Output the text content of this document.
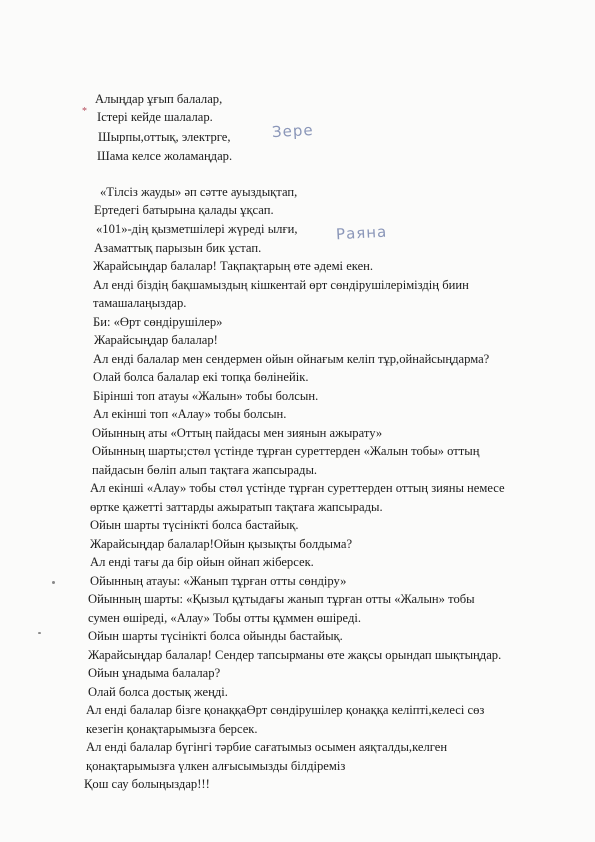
Алыңдар ұғып балалар,
Істері кейде шалалар.
Шырпы,оттық, электрге,
Шама келсе жоламаңдар.
«Тілсіз жауды» әп сәтте ауыздықтап,
Ертедегі батырына қалады ұқсап.
«101»-дің қызметшілері жүреді ылғи,
Азаматтық парызын бик ұстап.
Жарайсыңдар балалар! Тақпақтарың өте әдемі екен.
Ал енді біздің бақшамыздың кішкентай өрт сөндірушілеріміздің биин
тамашалаңыздар.
Би: «Өрт сөндірушілер»
Жарайсыңдар балалар!
Ал енді балалар мен сендермен ойын ойнағым келіп тұр,ойнайсыңдарма?
Олай болса балалар екі топқа бөлінейік.
Бірінші топ атауы «Жалын» тобы болсын.
Ал екінші топ «Алау» тобы болсын.
Ойынның аты «Оттың пайдасы мен зиянын ажырату»
Ойынның шарты;стөл үстінде тұрған суреттерден «Жалын тобы» оттың
пайдасын бөліп алып тақтаға жапсырады.
Ал екінші «Алау» тобы стөл үстінде тұрған суреттерден оттың зияны немесе
өртке қажетті заттарды ажыратып тақтаға жапсырады.
Ойын шарты түсінікті болса бастайық.
Жарайсыңдар балалар!Ойын қызықты болдыма?
Ал енді тағы да бір ойын ойнап жіберсек.
Ойынның атауы: «Жанып тұрған отты сөндіру»
Ойынның шарты: «Қызыл құтыдағы жанып тұрған отты «Жалын» тобы
сумен өшіреді, «Алау» Тобы отты құммен өшіреді.
Ойын шарты түсінікті болса ойынды бастайық.
Жарайсыңдар балалар! Сендер тапсырманы өте жақсы орындап шықтыңдар.
Ойын ұнадыма балалар?
Олай болса достық жеңді.
Ал енді балалар бізге қонаққаӨрт сөндірушілер қонаққа келіпті,келесі сөз
кезегін қонақтарымызға берсек.
Ал енді балалар бүгінгі тәрбие сағатымыз осымен аяқталды,келген
қонақтарымызға үлкен алғысымызды білдіреміз
Қош сау болыңыздар!!!
Зере
Раяна
*
